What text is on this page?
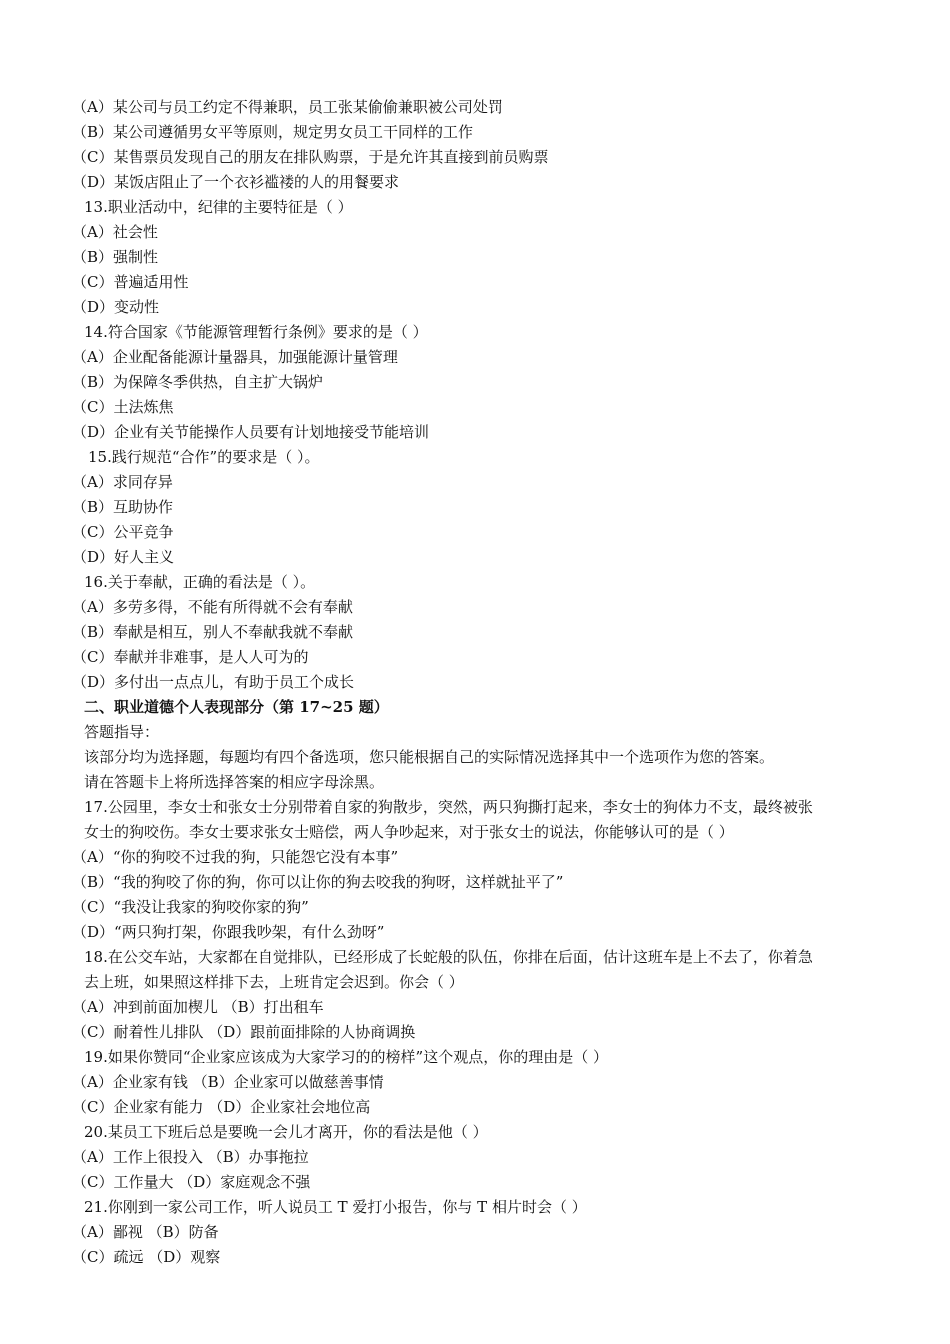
（A）某公司与员工约定不得兼职，员工张某偷偷兼职被公司处罚
（B）某公司遵循男女平等原则，规定男女员工干同样的工作
（C）某售票员发现自己的朋友在排队购票，于是允许其直接到前员购票
（D）某饭店阻止了一个衣衫褴褛的人的用餐要求
13.职业活动中，纪律的主要特征是（ ）
（A）社会性
（B）强制性
（C）普遍适用性
（D）变动性
14.符合国家《节能源管理暂行条例》要求的是（ ）
（A）企业配备能源计量器具，加强能源计量管理
（B）为保障冬季供热，自主扩大锅炉
（C）土法炼焦
（D）企业有关节能操作人员要有计划地接受节能培训
15.践行规范“合作”的要求是（ ）。
（A）求同存异
（B）互助协作
（C）公平竞争
（D）好人主义
16.关于奉献，正确的看法是（ ）。
（A）多劳多得，不能有所得就不会有奉献
（B）奉献是相互，别人不奉献我就不奉献
（C）奉献并非难事，是人人可为的
（D）多付出一点点儿，有助于员工个成长
二、职业道德个人表现部分（第 17~25 题）
答题指导：
该部分均为选择题，每题均有四个备选项，您只能根据自己的实际情况选择其中一个选项作为您的答案。
请在答题卡上将所选择答案的相应字母涂黑。
17.公园里，李女士和张女士分别带着自家的狗散步，突然，两只狗撕打起来，李女士的狗体力不支，最终被张
女士的狗咬伤。李女士要求张女士赔偿，两人争吵起来，对于张女士的说法，你能够认可的是（ ）
（A）“你的狗咬不过我的狗，只能怨它没有本事”
（B）“我的狗咬了你的狗，你可以让你的狗去咬我的狗呀，这样就扯平了”
（C）“我没让我家的狗咬你家的狗”
（D）“两只狗打架，你跟我吵架，有什么劲呀”
18.在公交车站，大家都在自觉排队，已经形成了长蛇般的队伍，你排在后面，估计这班车是上不去了，你着急
去上班，如果照这样排下去，上班肯定会迟到。你会（ ）
（A）冲到前面加楔儿 （B）打出租车
（C）耐着性儿排队 （D）跟前面排除的人协商调换
19.如果你赞同“企业家应该成为大家学习的的榜样”这个观点，你的理由是（ ）
（A）企业家有钱 （B）企业家可以做慈善事情
（C）企业家有能力 （D）企业家社会地位高
20.某员工下班后总是要晚一会儿才离开，你的看法是他（ ）
（A）工作上很投入 （B）办事拖拉
（C）工作量大 （D）家庭观念不强
21.你刚到一家公司工作，听人说员工 T 爱打小报告，你与 T 相片时会（ ）
（A）鄙视 （B）防备
（C）疏远 （D）观察
